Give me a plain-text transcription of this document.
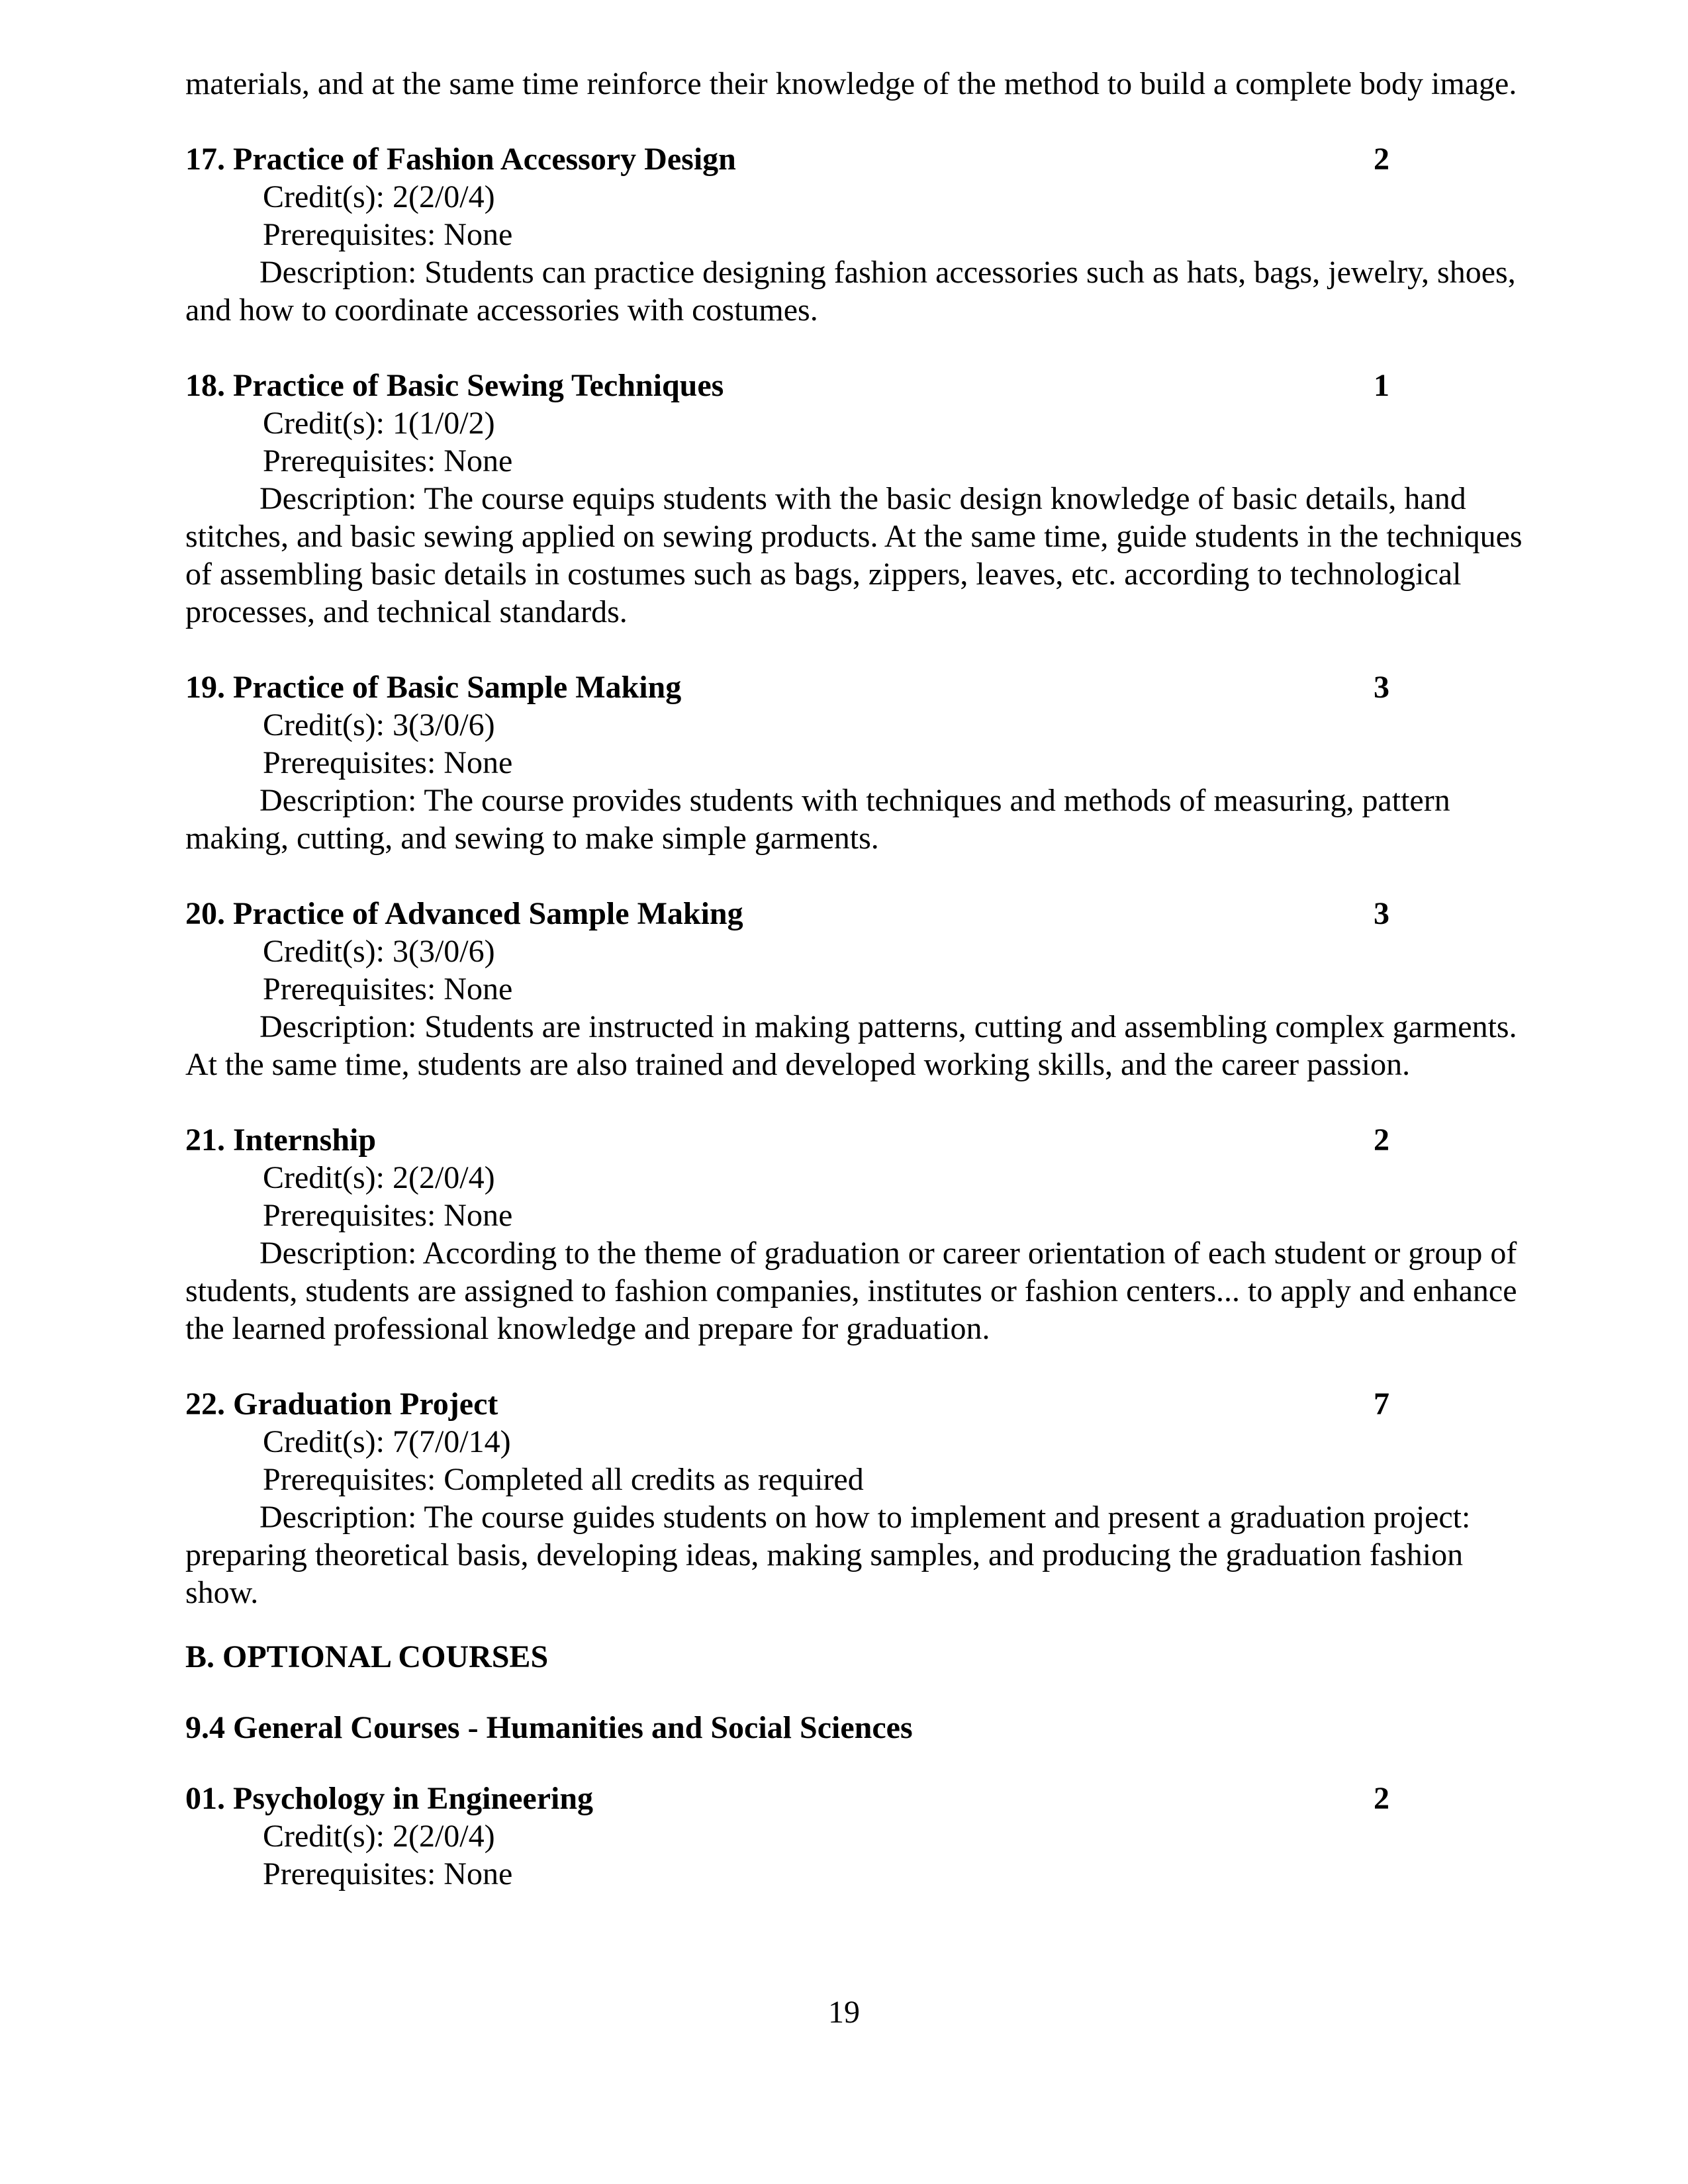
materials, and at the same time reinforce their knowledge of the method to build a complete body image.

17. Practice of Fashion Accessory Design	2

Credit(s): 2(2/0/4)

Prerequisites: None

Description: Students can practice designing fashion accessories such as hats, bags, jewelry, shoes, and how to coordinate accessories with costumes.

18. Practice of Basic Sewing Techniques	1

Credit(s): 1(1/0/2)

Prerequisites: None

Description: The course equips students with the basic design knowledge of basic details, hand stitches, and basic sewing applied on sewing products. At the same time, guide students in the techniques of assembling basic details in costumes such as bags, zippers, leaves, etc. according to technological processes, and technical standards.

19. Practice of Basic Sample Making	3

Credit(s): 3(3/0/6)

Prerequisites: None

Description: The course provides students with techniques and methods of measuring, pattern making, cutting, and sewing to make simple garments.

20. Practice of Advanced Sample Making	3

Credit(s): 3(3/0/6)

Prerequisites: None

Description: Students are instructed in making patterns, cutting and assembling complex garments. At the same time, students are also trained and developed working skills, and the career passion.

21. Internship	2

Credit(s): 2(2/0/4)

Prerequisites: None

Description: According to the theme of graduation or career orientation of each student or group of students, students are assigned to fashion companies, institutes or fashion centers... to apply and enhance the learned professional knowledge and prepare for graduation.

22. Graduation Project	7

Credit(s): 7(7/0/14)

Prerequisites: Completed all credits as required

Description: The course guides students on how to implement and present a graduation project: preparing theoretical basis, developing ideas, making samples, and producing the graduation fashion show.

B. OPTIONAL COURSES

9.4 General Courses - Humanities and Social Sciences

01. Psychology in Engineering	2

Credit(s): 2(2/0/4)

Prerequisites: None

19
